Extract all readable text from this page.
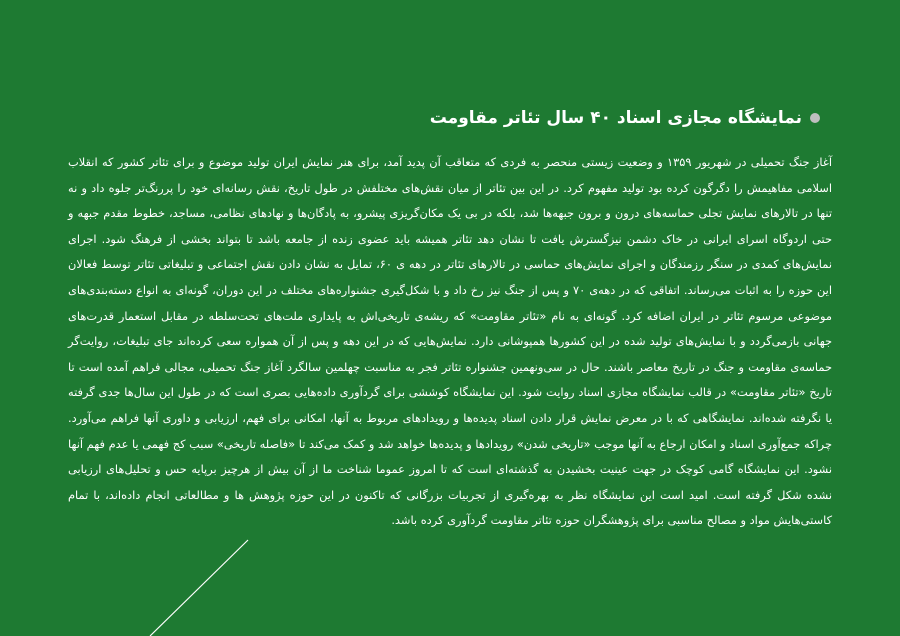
نمایشگاه مجازی اسناد ۴۰ سال تئاتر مقاومت

آغاز جنگ تحمیلی در شهریور ۱۳۵۹ و وضعیت زیستی منحصر به فردی که متعاقب آن پدید آمد، برای هنر نمایش ایران تولید موضوع و برای تئاتر کشور که انقلاب اسلامی مفاهیمش را دگرگون کرده بود تولید مفهوم کرد. در این بین تئاتر از میان نقش‌های مختلفش در طول تاریخ، نقش رسانه‌ای خود را پررنگ‌تر جلوه داد و نه تنها در تالارهای نمایش تجلی حماسه‌های درون و برون جبهه‌ها شد، بلکه در بی یک مکان‌گریزی پیشرو، به پادگان‌ها و نهادهای نظامی، مساجد، خطوط مقدم جبهه و حتی اردوگاه اسرای ایرانی در خاک دشمن نیزگسترش یافت تا نشان دهد تئاتر همیشه باید عضوی زنده از جامعه باشد تا بتواند بخشی از فرهنگ شود. اجرای نمایش‌های کمدی در سنگر رزمندگان و اجرای نمایش‌های حماسی در تالارهای تئاتر در دهه ی ۶۰، تمایل به نشان دادن نقش اجتماعی و تبلیغاتی تئاتر توسط فعالان این حوزه را به اثبات می‌رساند. اتفاقی که در دهه‌ی ۷۰ و پس از جنگ نیز رخ داد و با شکل‌گیری جشنواره‌های مختلف در این دوران، گونه‌ای به انواع دسته‌بندی‌های موضوعی مرسوم تئاتر در ایران اضافه کرد. گونه‌ای به نام «تئاتر مقاومت» که ریشه‌ی تاریخی‌اش به پایداری ملت‌های تحت‌سلطه در مقابل استعمار قدرت‌های جهانی بازمی‌گردد و با نمایش‌های تولید شده در این کشورها همپوشانی دارد. نمایش‌هایی که در این دهه و پس از آن همواره سعی کرده‌اند جای تبلیغات، روایت‌گر حماسه‌ی مقاومت و جنگ در تاریخ معاصر باشند. حال در سی‌ونهمین جشنواره تئاتر فجر به مناسبت چهلمین سالگرد آغاز جنگ تحمیلی، مجالی فراهم آمده است تا تاریخ «تئاتر مقاومت» در قالب نمایشگاه مجازی اسناد روایت شود. این نمایشگاه کوششی برای گردآوری داده‌هایی بصری است که در طول این سال‌ها جدی گرفته یا نگرفته شده‌اند. نمایشگاهی که با در معرض نمایش قرار دادن اسناد پدیده‌ها و رویدادهای مربوط به آنها، امکانی برای فهم، ارزیابی و داوری آنها فراهم می‌آورد. چراکه جمع‌آوری اسناد و امکان ارجاع به آنها موجب «تاریخی شدن» رویدادها و پدیده‌ها خواهد شد و کمک می‌کند تا «فاصله تاریخی» سبب کج فهمی یا عدم فهم آنها نشود. این نمایشگاه گامی کوچک در جهت عینیت بخشیدن به گذشته‌ای است که تا امروز عموما شناخت ما از آن بیش از هرچیز برپایه حس و تحلیل‌های ارزیابی نشده شکل گرفته است. امید است این نمایشگاه نظر به بهره‌گیری از تجربیات بزرگانی که تاکنون در این حوزه پژوهش ها و مطالعاتی انجام داده‌اند، با تمام کاستی‌هایش مواد و مصالح مناسبی برای پژوهشگران حوزه تئاتر مقاومت گردآوری کرده باشد.
